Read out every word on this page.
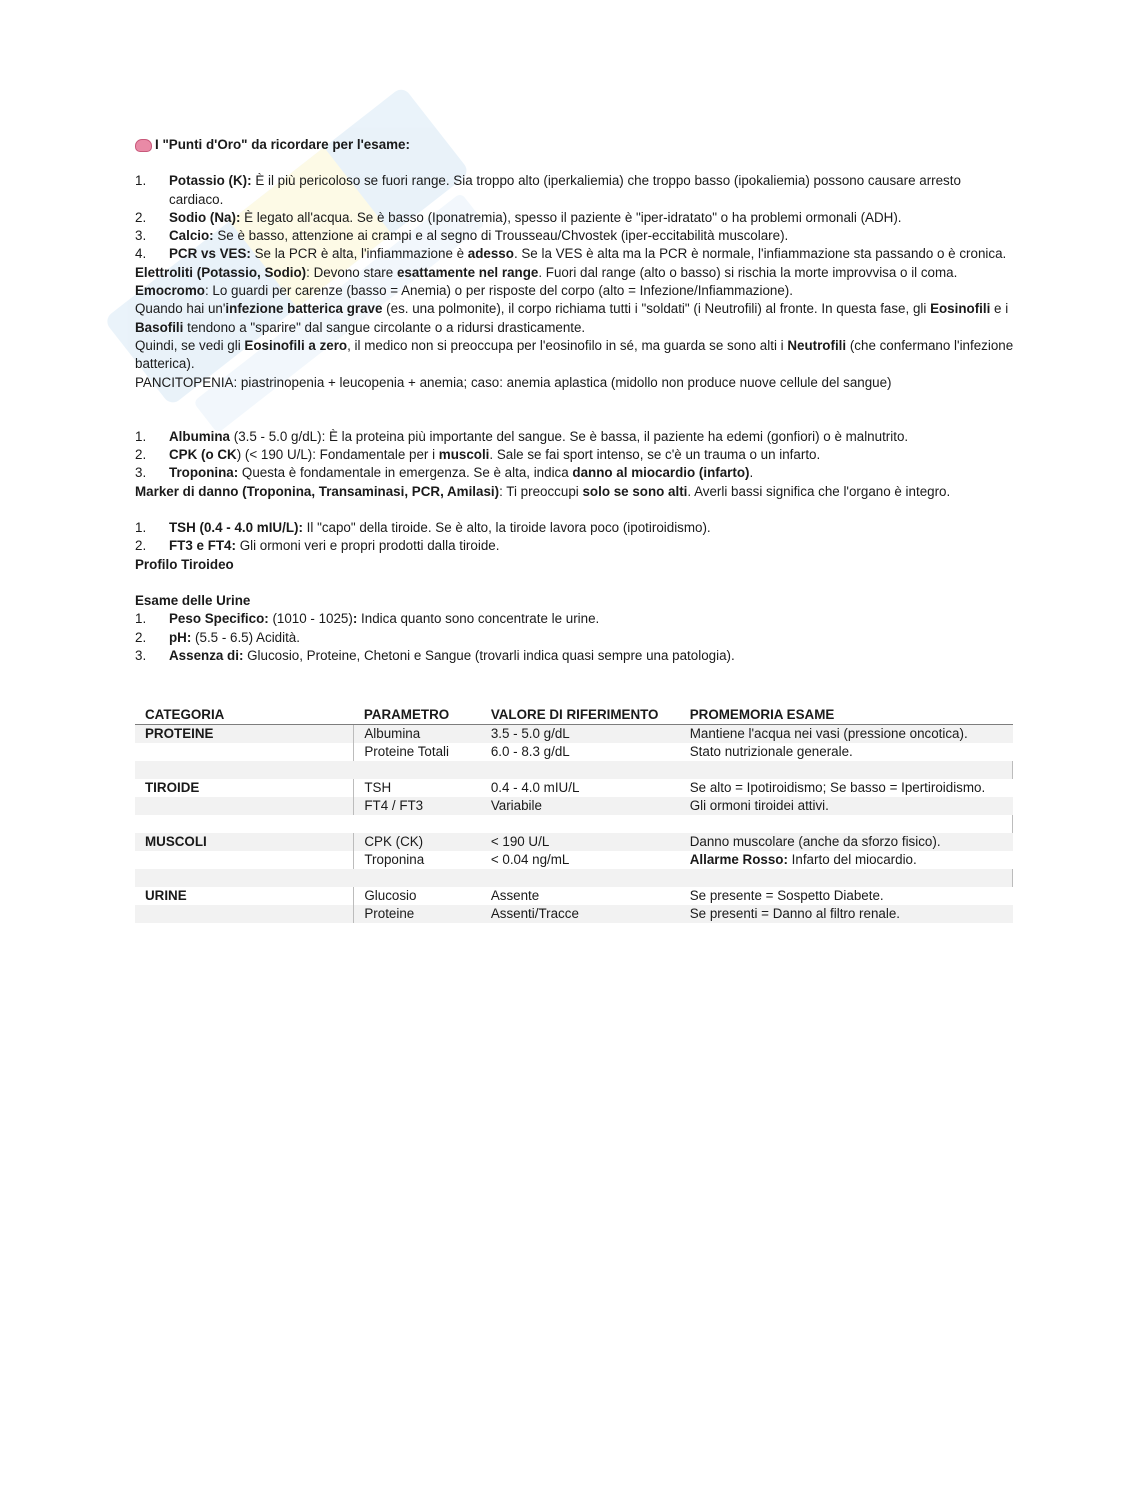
I "Punti d'Oro" da ricordare per l'esame:
1.	Potassio (K): È il più pericoloso se fuori range. Sia troppo alto (iperkaliemia) che troppo basso (ipokaliemia) possono causare arresto cardiaco.
2.	Sodio (Na): È legato all'acqua. Se è basso (Iponatremia), spesso il paziente è "iper-idratato" o ha problemi ormonali (ADH).
3.	Calcio: Se è basso, attenzione ai crampi e al segno di Trousseau/Chvostek (iper-eccitabilità muscolare).
4.	PCR vs VES: Se la PCR è alta, l'infiammazione è adesso. Se la VES è alta ma la PCR è normale, l'infiammazione sta passando o è cronica.

Elettroliti (Potassio, Sodio): Devono stare esattamente nel range. Fuori dal range (alto o basso) si rischia la morte improvvisa o il coma.

Emocromo: Lo guardi per carenze (basso = Anemia) o per risposte del corpo (alto = Infezione/Infiammazione).

Quando hai un'infezione batterica grave (es. una polmonite), il corpo richiama tutti i "soldati" (i Neutrofili) al fronte. In questa fase, gli Eosinofili e i Basofili tendono a "sparire" dal sangue circolante o a ridursi drasticamente.

Quindi, se vedi gli Eosinofili a zero, il medico non si preoccupa per l'eosinofilo in sé, ma guarda se sono alti i Neutrofili (che confermano l'infezione batterica).

PANCITOPENIA: piastrinopenia + leucopenia + anemia; caso: anemia aplastica (midollo non produce nuove cellule del sangue)

1.	Albumina (3.5 - 5.0 g/dL): È la proteina più importante del sangue. Se è bassa, il paziente ha edemi (gonfiori) o è malnutrito.
2.	CPK (o CK) (< 190 U/L): Fondamentale per i muscoli. Sale se fai sport intenso, se c'è un trauma o un infarto.
3.	Troponina: Questa è fondamentale in emergenza. Se è alta, indica danno al miocardio (infarto).

Marker di danno (Troponina, Transaminasi, PCR, Amilasi): Ti preoccupi solo se sono alti. Averli bassi significa che l'organo è integro.

1.	TSH (0.4 - 4.0 mIU/L): Il "capo" della tiroide. Se è alto, la tiroide lavora poco (ipotiroidismo).
2.	FT3 e FT4: Gli ormoni veri e propri prodotti dalla tiroide.

Profilo Tiroideo

Esame delle Urine

1.	Peso Specifico: (1010 - 1025): Indica quanto sono concentrate le urine.
2.	pH: (5.5 - 6.5) Acidità.
3.	Assenza di: Glucosio, Proteine, Chetoni e Sangue (trovarli indica quasi sempre una patologia).
CATEGORIA	PARAMETRO	VALORE DI RIFERIMENTO	PROMEMORIA ESAME
PROTEINE	Albumina	3.5 - 5.0 g/dL	Mantiene l'acqua nei vasi (pressione oncotica).
	Proteine Totali	6.0 - 8.3 g/dL	Stato nutrizionale generale.

TIROIDE	TSH	0.4 - 4.0 mIU/L	Se alto = Ipotiroidismo; Se basso = Ipertiroidismo.
	FT4 / FT3	Variabile	Gli ormoni tiroidei attivi.

MUSCOLI	CPK (CK)	< 190 U/L	Danno muscolare (anche da sforzo fisico).
	Troponina	< 0.04 ng/mL	Allarme Rosso: Infarto del miocardio.

URINE	Glucosio	Assente	Se presente = Sospetto Diabete.
	Proteine	Assenti/Tracce	Se presenti = Danno al filtro renale.
